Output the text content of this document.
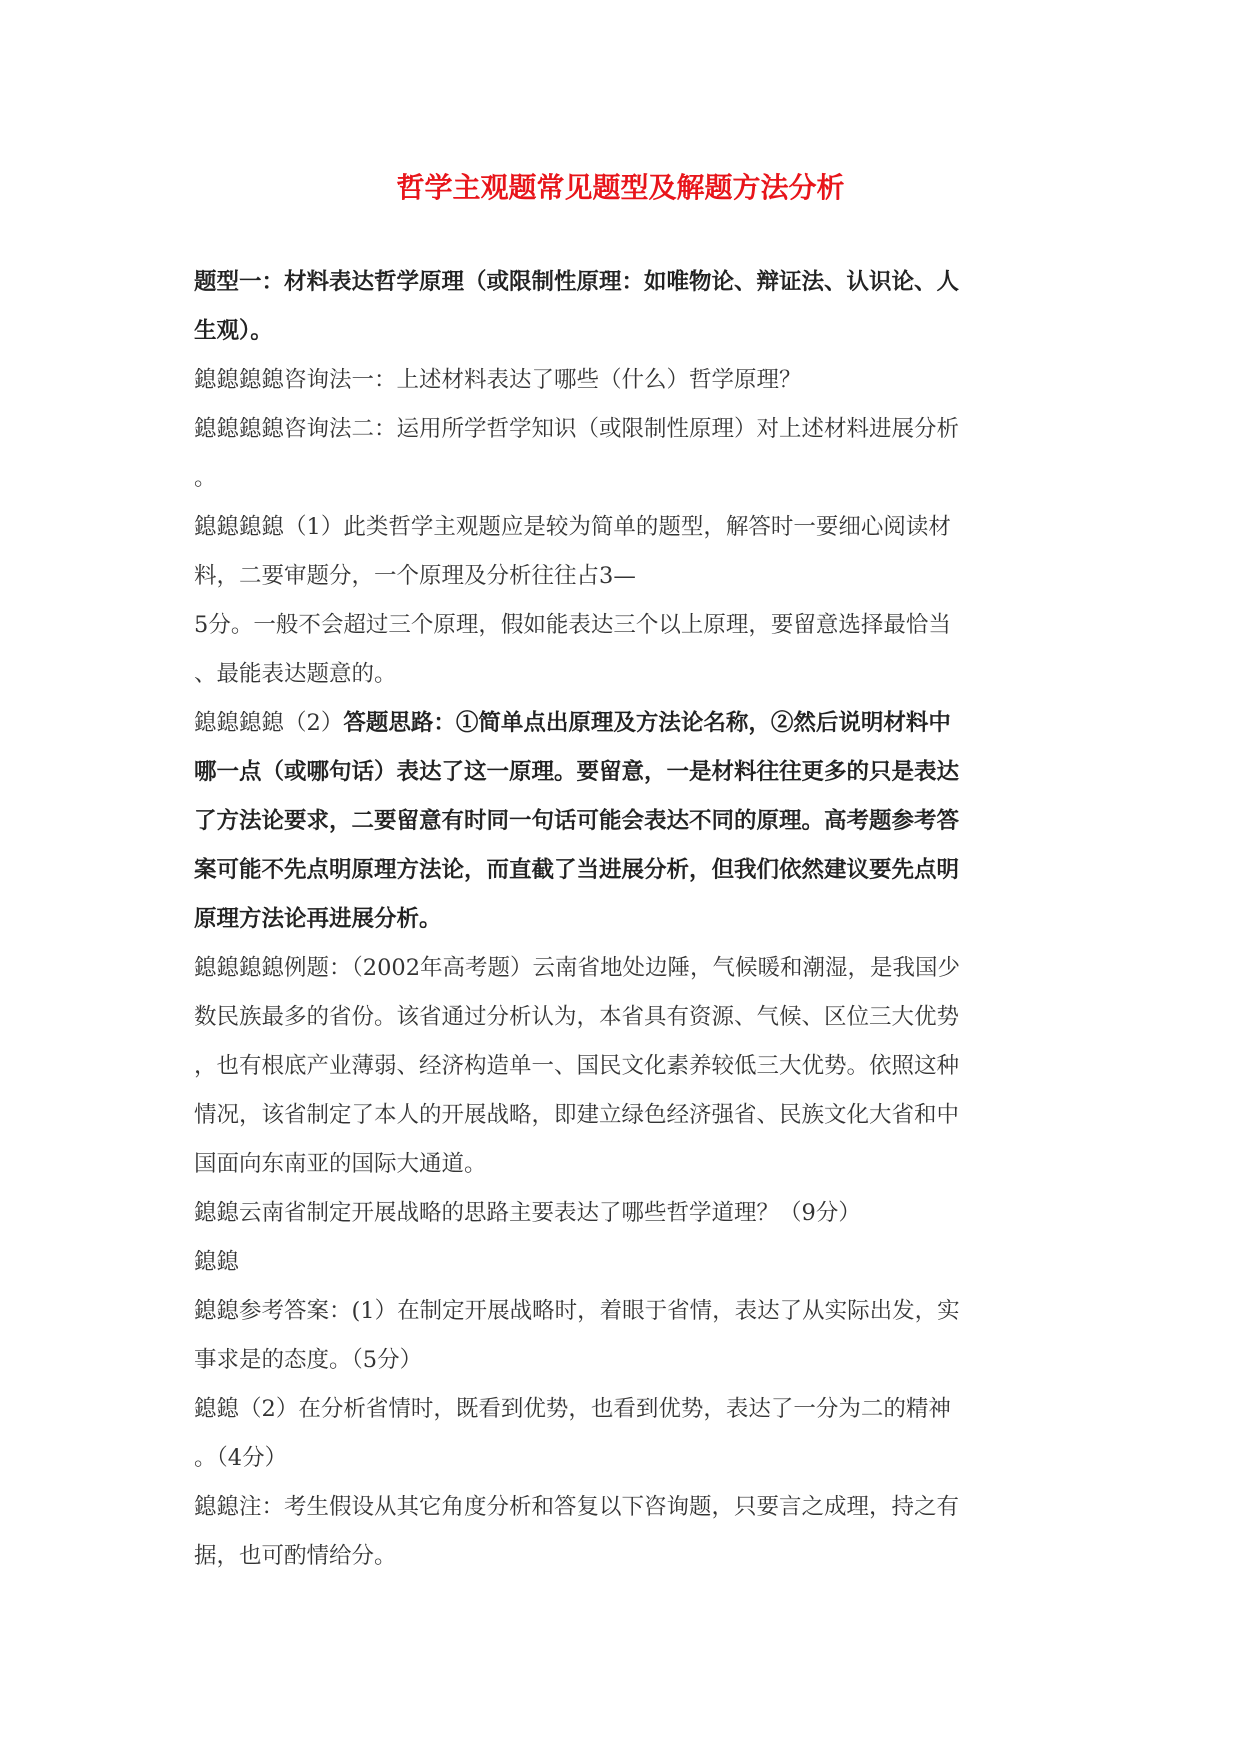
哲学主观题常见题型及解题方法分析
题型一：材料表达哲学原理（或限制性原理：如唯物论、辩证法、认识论、人
生观）。
鎴鎴鎴鎴咨询法一：上述材料表达了哪些（什么）哲学原理？
鎴鎴鎴鎴咨询法二：运用所学哲学知识（或限制性原理）对上述材料进展分析
。
鎴鎴鎴鎴（1）此类哲学主观题应是较为简单的题型，解答时一要细心阅读材
料，二要审题分，一个原理及分析往往占3—
5分。一般不会超过三个原理，假如能表达三个以上原理，要留意选择最恰当
、最能表达题意的。
鎴鎴鎴鎴（2）答题思路：①简单点出原理及方法论名称，②然后说明材料中
哪一点（或哪句话）表达了这一原理。要留意，一是材料往往更多的只是表达
了方法论要求，二要留意有时同一句话可能会表达不同的原理。高考题参考答
案可能不先点明原理方法论，而直截了当进展分析，但我们依然建议要先点明
原理方法论再进展分析。
鎴鎴鎴鎴例题：（2002年高考题）云南省地处边陲，气候暖和潮湿，是我国少
数民族最多的省份。该省通过分析认为，本省具有资源、气候、区位三大优势
，也有根底产业薄弱、经济构造单一、国民文化素养较低三大优势。依照这种
情况，该省制定了本人的开展战略，即建立绿色经济强省、民族文化大省和中
国面向东南亚的国际大通道。
鎴鎴云南省制定开展战略的思路主要表达了哪些哲学道理？（9分）
鎴鎴
鎴鎴参考答案：(1）在制定开展战略时，着眼于省情，表达了从实际出发，实
事求是的态度。（5分）
鎴鎴（2）在分析省情时，既看到优势，也看到优势，表达了一分为二的精神
。（4分）
鎴鎴注：考生假设从其它角度分析和答复以下咨询题，只要言之成理，持之有
据，也可酌情给分。
